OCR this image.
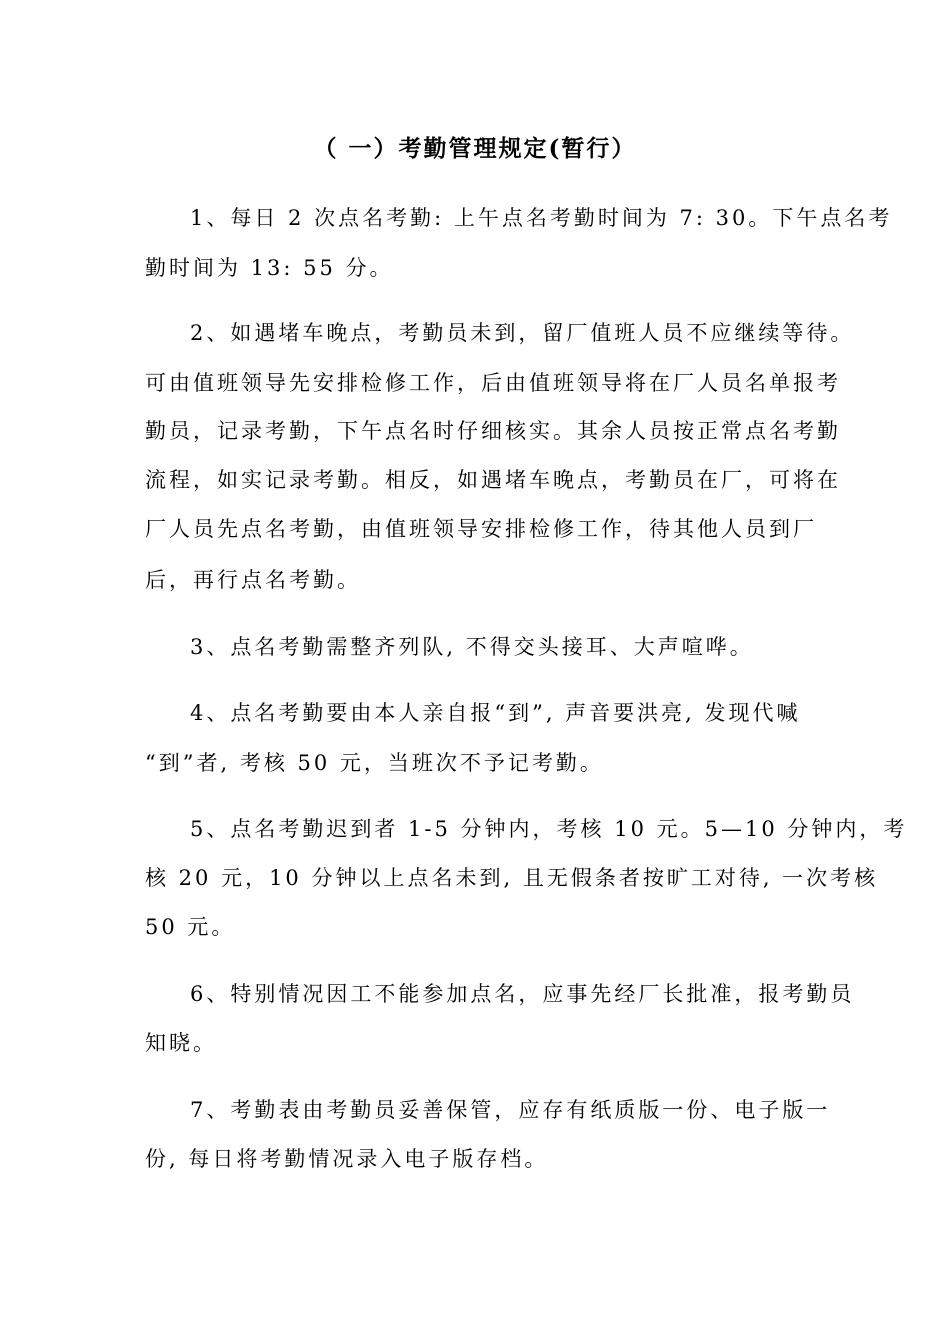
（ 一）考勤管理规定(暂行）
1、每日 2 次点名考勤: 上午点名考勤时间为 7: 30。下午点名考
勤时间为 13: 55 分。
2、如遇堵车晚点，考勤员未到，留厂值班人员不应继续等待。
可由值班领导先安排检修工作，后由值班领导将在厂人员名单报考
勤员，记录考勤，下午点名时仔细核实。其余人员按正常点名考勤
流程，如实记录考勤。相反，如遇堵车晚点，考勤员在厂，可将在
厂人员先点名考勤，由值班领导安排检修工作，待其他人员到厂
后，再行点名考勤。
3、点名考勤需整齐列队, 不得交头接耳、大声喧哗。
4、点名考勤要由本人亲自报“到”, 声音要洪亮, 发现代喊
“到”者, 考核 50 元，当班次不予记考勤。
5、点名考勤迟到者 1-5 分钟内，考核 10 元。5—10 分钟内，考
核 20 元，10 分钟以上点名未到, 且无假条者按旷工对待, 一次考核
50 元。
6、特别情况因工不能参加点名，应事先经厂长批准，报考勤员
知晓。
7、考勤表由考勤员妥善保管，应存有纸质版一份、电子版一
份, 每日将考勤情况录入电子版存档。
